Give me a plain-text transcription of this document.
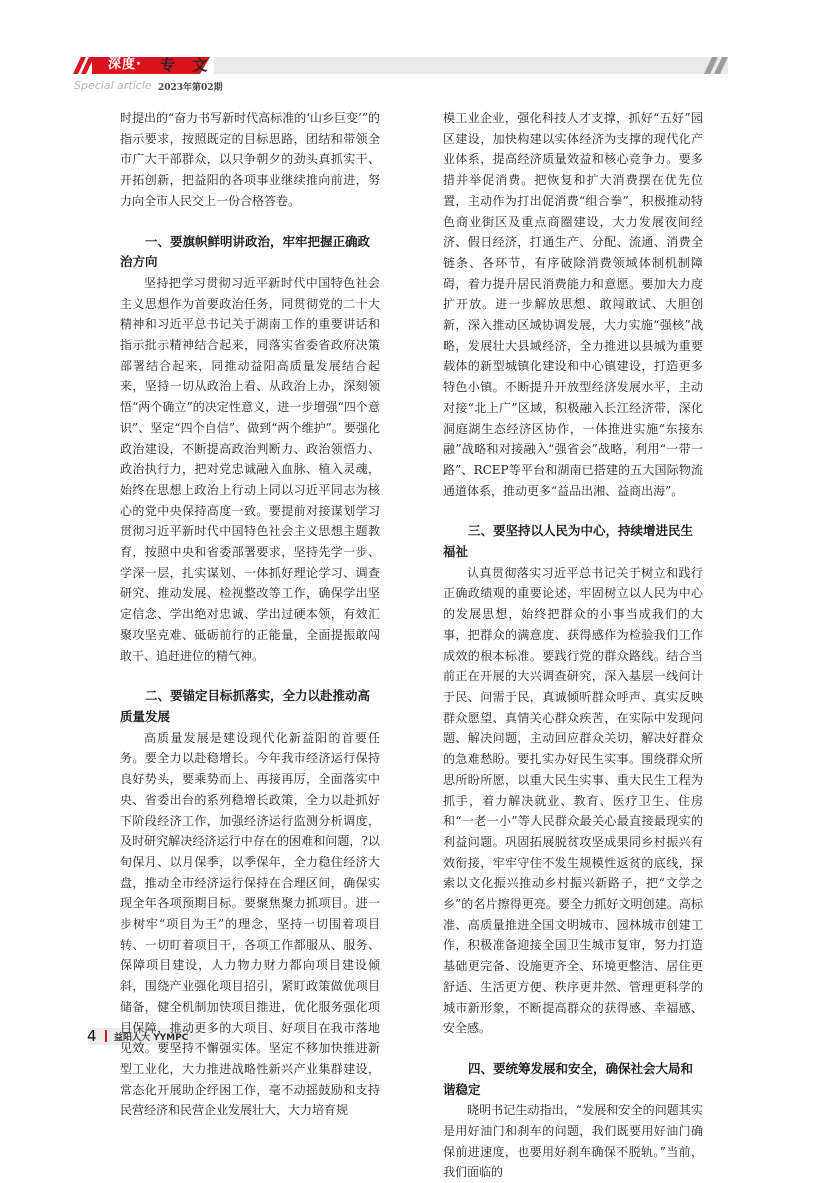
深度· 专 文
Special article 2023年第02期

时提出的“奋力书写新时代高标准的‘山乡巨变’”的指示要求，按照既定的目标思路，团结和带领全市广大干部群众，以只争朝夕的劲头真抓实干、开拓创新，把益阳的各项事业继续推向前进，努力向全市人民交上一份合格答卷。

一、要旗帜鲜明讲政治，牢牢把握正确政治方向

坚持把学习贯彻习近平新时代中国特色社会主义思想作为首要政治任务，同贯彻党的二十大精神和习近平总书记关于湖南工作的重要讲话和指示批示精神结合起来，同落实省委省政府决策部署结合起来，同推动益阳高质量发展结合起来，坚持一切从政治上看、从政治上办，深刻领悟“两个确立”的决定性意义，进一步增强“四个意识”、坚定“四个自信”、做到“两个维护”。要强化政治建设，不断提高政治判断力、政治领悟力、政治执行力，把对党忠诚融入血脉、植入灵魂，始终在思想上政治上行动上同以习近平同志为核心的党中央保持高度一致。要提前对接谋划学习贯彻习近平新时代中国特色社会主义思想主题教育，按照中央和省委部署要求，坚持先学一步、学深一层，扎实谋划、一体抓好理论学习、调查研究、推动发展、检视整改等工作，确保学出坚定信念、学出绝对忠诚、学出过硬本领，有效汇聚攻坚克难、砥砺前行的正能量，全面提振敢闯敢干、追赶进位的精气神。

二、要锚定目标抓落实，全力以赴推动高质量发展

高质量发展是建设现代化新益阳的首要任务。要全力以赴稳增长。今年我市经济运行保持良好势头，要乘势而上、再接再厉，全面落实中央、省委出台的系列稳增长政策，全力以赴抓好下阶段经济工作，加强经济运行监测分析调度，及时研究解决经济运行中存在的困难和问题，?以旬保月、以月保季，以季保年，全力稳住经济大盘，推动全市经济运行保持在合理区间，确保实现全年各项预期目标。要聚焦聚力抓项目。进一步树牢“项目为王”的理念，坚持一切围着项目转、一切盯着项目干，各项工作都服从、服务、保障项目建设，人力物力财力都向项目建设倾斜，围绕产业强化项目招引，紧盯政策做优项目储备，健全机制加快项目推进，优化服务强化项目保障，推动更多的大项目、好项目在我市落地见效。要坚持不懈强实体。坚定不移加快推进新型工业化，大力推进战略性新兴产业集群建设，常态化开展助企纾困工作，毫不动摇鼓励和支持民营经济和民营企业发展壮大，大力培育规

模工业企业，强化科技人才支撑，抓好“五好”园区建设，加快构建以实体经济为支撑的现代化产业体系，提高经济质量效益和核心竞争力。要多措并举促消费。把恢复和扩大消费摆在优先位置，主动作为打出促消费“组合拳”，积极推动特色商业街区及重点商圈建设，大力发展夜间经济、假日经济，打通生产、分配、流通、消费全链条、各环节，有序破除消费领域体制机制障碍，着力提升居民消费能力和意愿。要加大力度扩开放。进一步解放思想、敢闯敢试、大胆创新，深入推动区域协调发展，大力实施“强核”战略，发展壮大县域经济，全力推进以县城为重要载体的新型城镇化建设和中心镇建设，打造更多特色小镇。不断提升开放型经济发展水平，主动对接“北上广”区域，积极融入长江经济带，深化洞庭湖生态经济区协作，一体推进实施“东接东融”战略和对接融入“强省会”战略，利用“一带一路”、RCEP等平台和湖南已搭建的五大国际物流通道体系，推动更多“益品出湘、益商出海”。

三、要坚持以人民为中心，持续增进民生福祉

认真贯彻落实习近平总书记关于树立和践行正确政绩观的重要论述，牢固树立以人民为中心的发展思想，始终把群众的小事当成我们的大事，把群众的满意度、获得感作为检验我们工作成效的根本标准。要践行党的群众路线。结合当前正在开展的大兴调查研究，深入基层一线问计于民、问需于民，真诚倾听群众呼声、真实反映群众愿望、真情关心群众疾苦，在实际中发现问题、解决问题，主动回应群众关切，解决好群众的急难愁盼。要扎实办好民生实事。围绕群众所思所盼所愿，以重大民生实事、重大民生工程为抓手，着力解决就业、教育、医疗卫生、住房和“一老一小”等人民群众最关心最直接最现实的利益问题。巩固拓展脱贫攻坚成果同乡村振兴有效衔接，牢牢守住不发生规模性返贫的底线，探索以文化振兴推动乡村振兴新路子，把“文学之乡”的名片擦得更亮。要全力抓好文明创建。高标准、高质量推进全国文明城市、园林城市创建工作，积极准备迎接全国卫生城市复审，努力打造基础更完备、设施更齐全、环境更整洁、居住更舒适、生活更方便、秩序更井然、管理更科学的城市新形象，不断提高群众的获得感、幸福感、安全感。

四、要统筹发展和安全，确保社会大局和谐稳定

晓明书记生动指出，“发展和安全的问题其实是用好油门和刹车的问题，我们既要用好油门确保前进速度，也要用好刹车确保不脱轨。”当前，我们面临的

4 益阳人大 YYMPC
